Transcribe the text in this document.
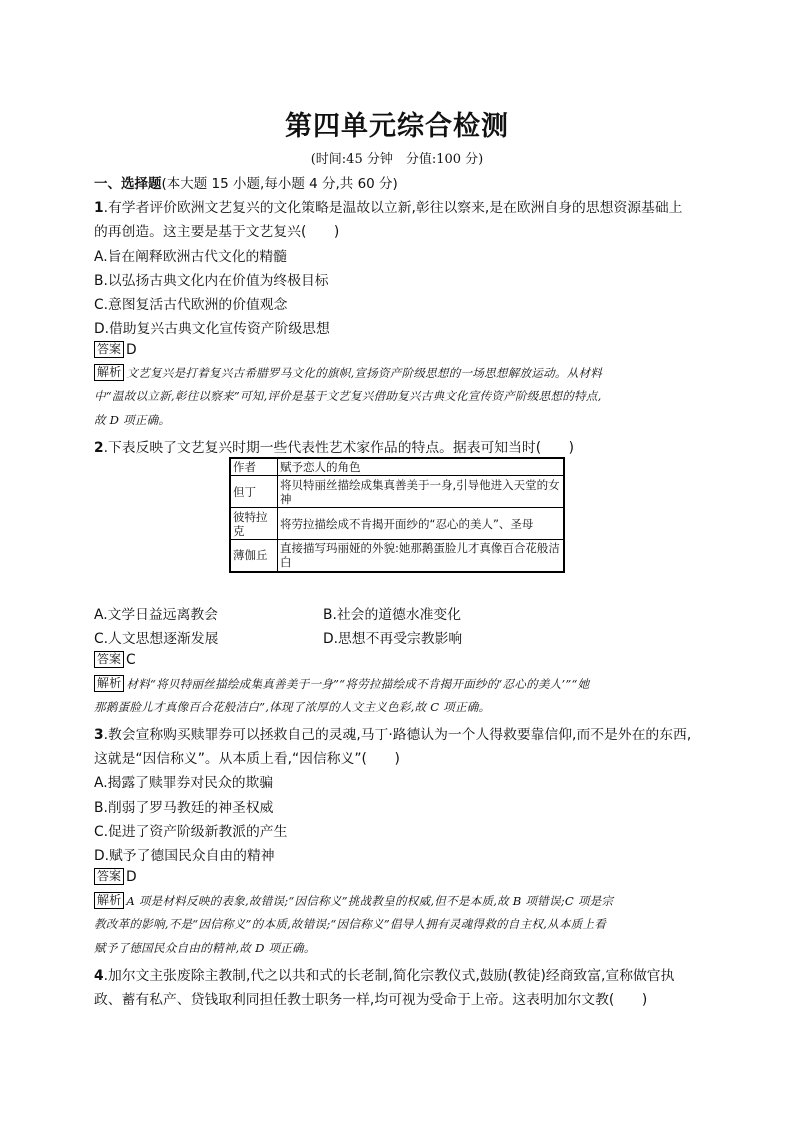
第四单元综合检测
(时间:45 分钟　分值:100 分)
一、选择题(本大题 15 小题,每小题 4 分,共 60 分)
1.有学者评价欧洲文艺复兴的文化策略是温故以立新,彰往以察来,是在欧洲自身的思想资源基础上
的再创造。这主要是基于文艺复兴(　　)
A.旨在阐释欧洲古代文化的精髓
B.以弘扬古典文化内在价值为终极目标
C.意图复活古代欧洲的价值观念
D.借助复兴古典文化宣传资产阶级思想
答案 D
解析 文艺复兴是打着复兴古希腊罗马文化的旗帜,宣扬资产阶级思想的一场思想解放运动。从材料
中“温故以立新,彰往以察来”可知,评价是基于文艺复兴借助复兴古典文化宣传资产阶级思想的特点,
故 D 项正确。
2.下表反映了文艺复兴时期一些代表性艺术家作品的特点。据表可知当时(　　)
作者	赋予恋人的角色
但丁	将贝特丽丝描绘成集真善美于一身,引导他进入天堂的女神
彼特拉克	将劳拉描绘成不肯揭开面纱的“忍心的美人”、圣母
薄伽丘	直接描写玛丽娅的外貌:她那鹅蛋脸儿才真像百合花般洁白
A.文学日益远离教会	B.社会的道德水准变化
C.人文思想逐渐发展	D.思想不再受宗教影响
答案 C
解析 材料“将贝特丽丝描绘成集真善美于一身”“将劳拉描绘成不肯揭开面纱的‘忍心的美人’”“她
那鹅蛋脸儿才真像百合花般洁白”,体现了浓厚的人文主义色彩,故 C 项正确。
3.教会宣称购买赎罪券可以拯救自己的灵魂,马丁·路德认为一个人得救要靠信仰,而不是外在的东西,
这就是“因信称义”。从本质上看,“因信称义”(　　)
A.揭露了赎罪券对民众的欺骗
B.削弱了罗马教廷的神圣权威
C.促进了资产阶级新教派的产生
D.赋予了德国民众自由的精神
答案 D
解析 A 项是材料反映的表象,故错误;“因信称义”挑战教皇的权威,但不是本质,故 B 项错误;C 项是宗
教改革的影响,不是“因信称义”的本质,故错误;“因信称义”倡导人拥有灵魂得救的自主权,从本质上看
赋予了德国民众自由的精神,故 D 项正确。
4.加尔文主张废除主教制,代之以共和式的长老制,简化宗教仪式,鼓励(教徒)经商致富,宣称做官执
政、蓄有私产、贷钱取利同担任教士职务一样,均可视为受命于上帝。这表明加尔文教(　　)
